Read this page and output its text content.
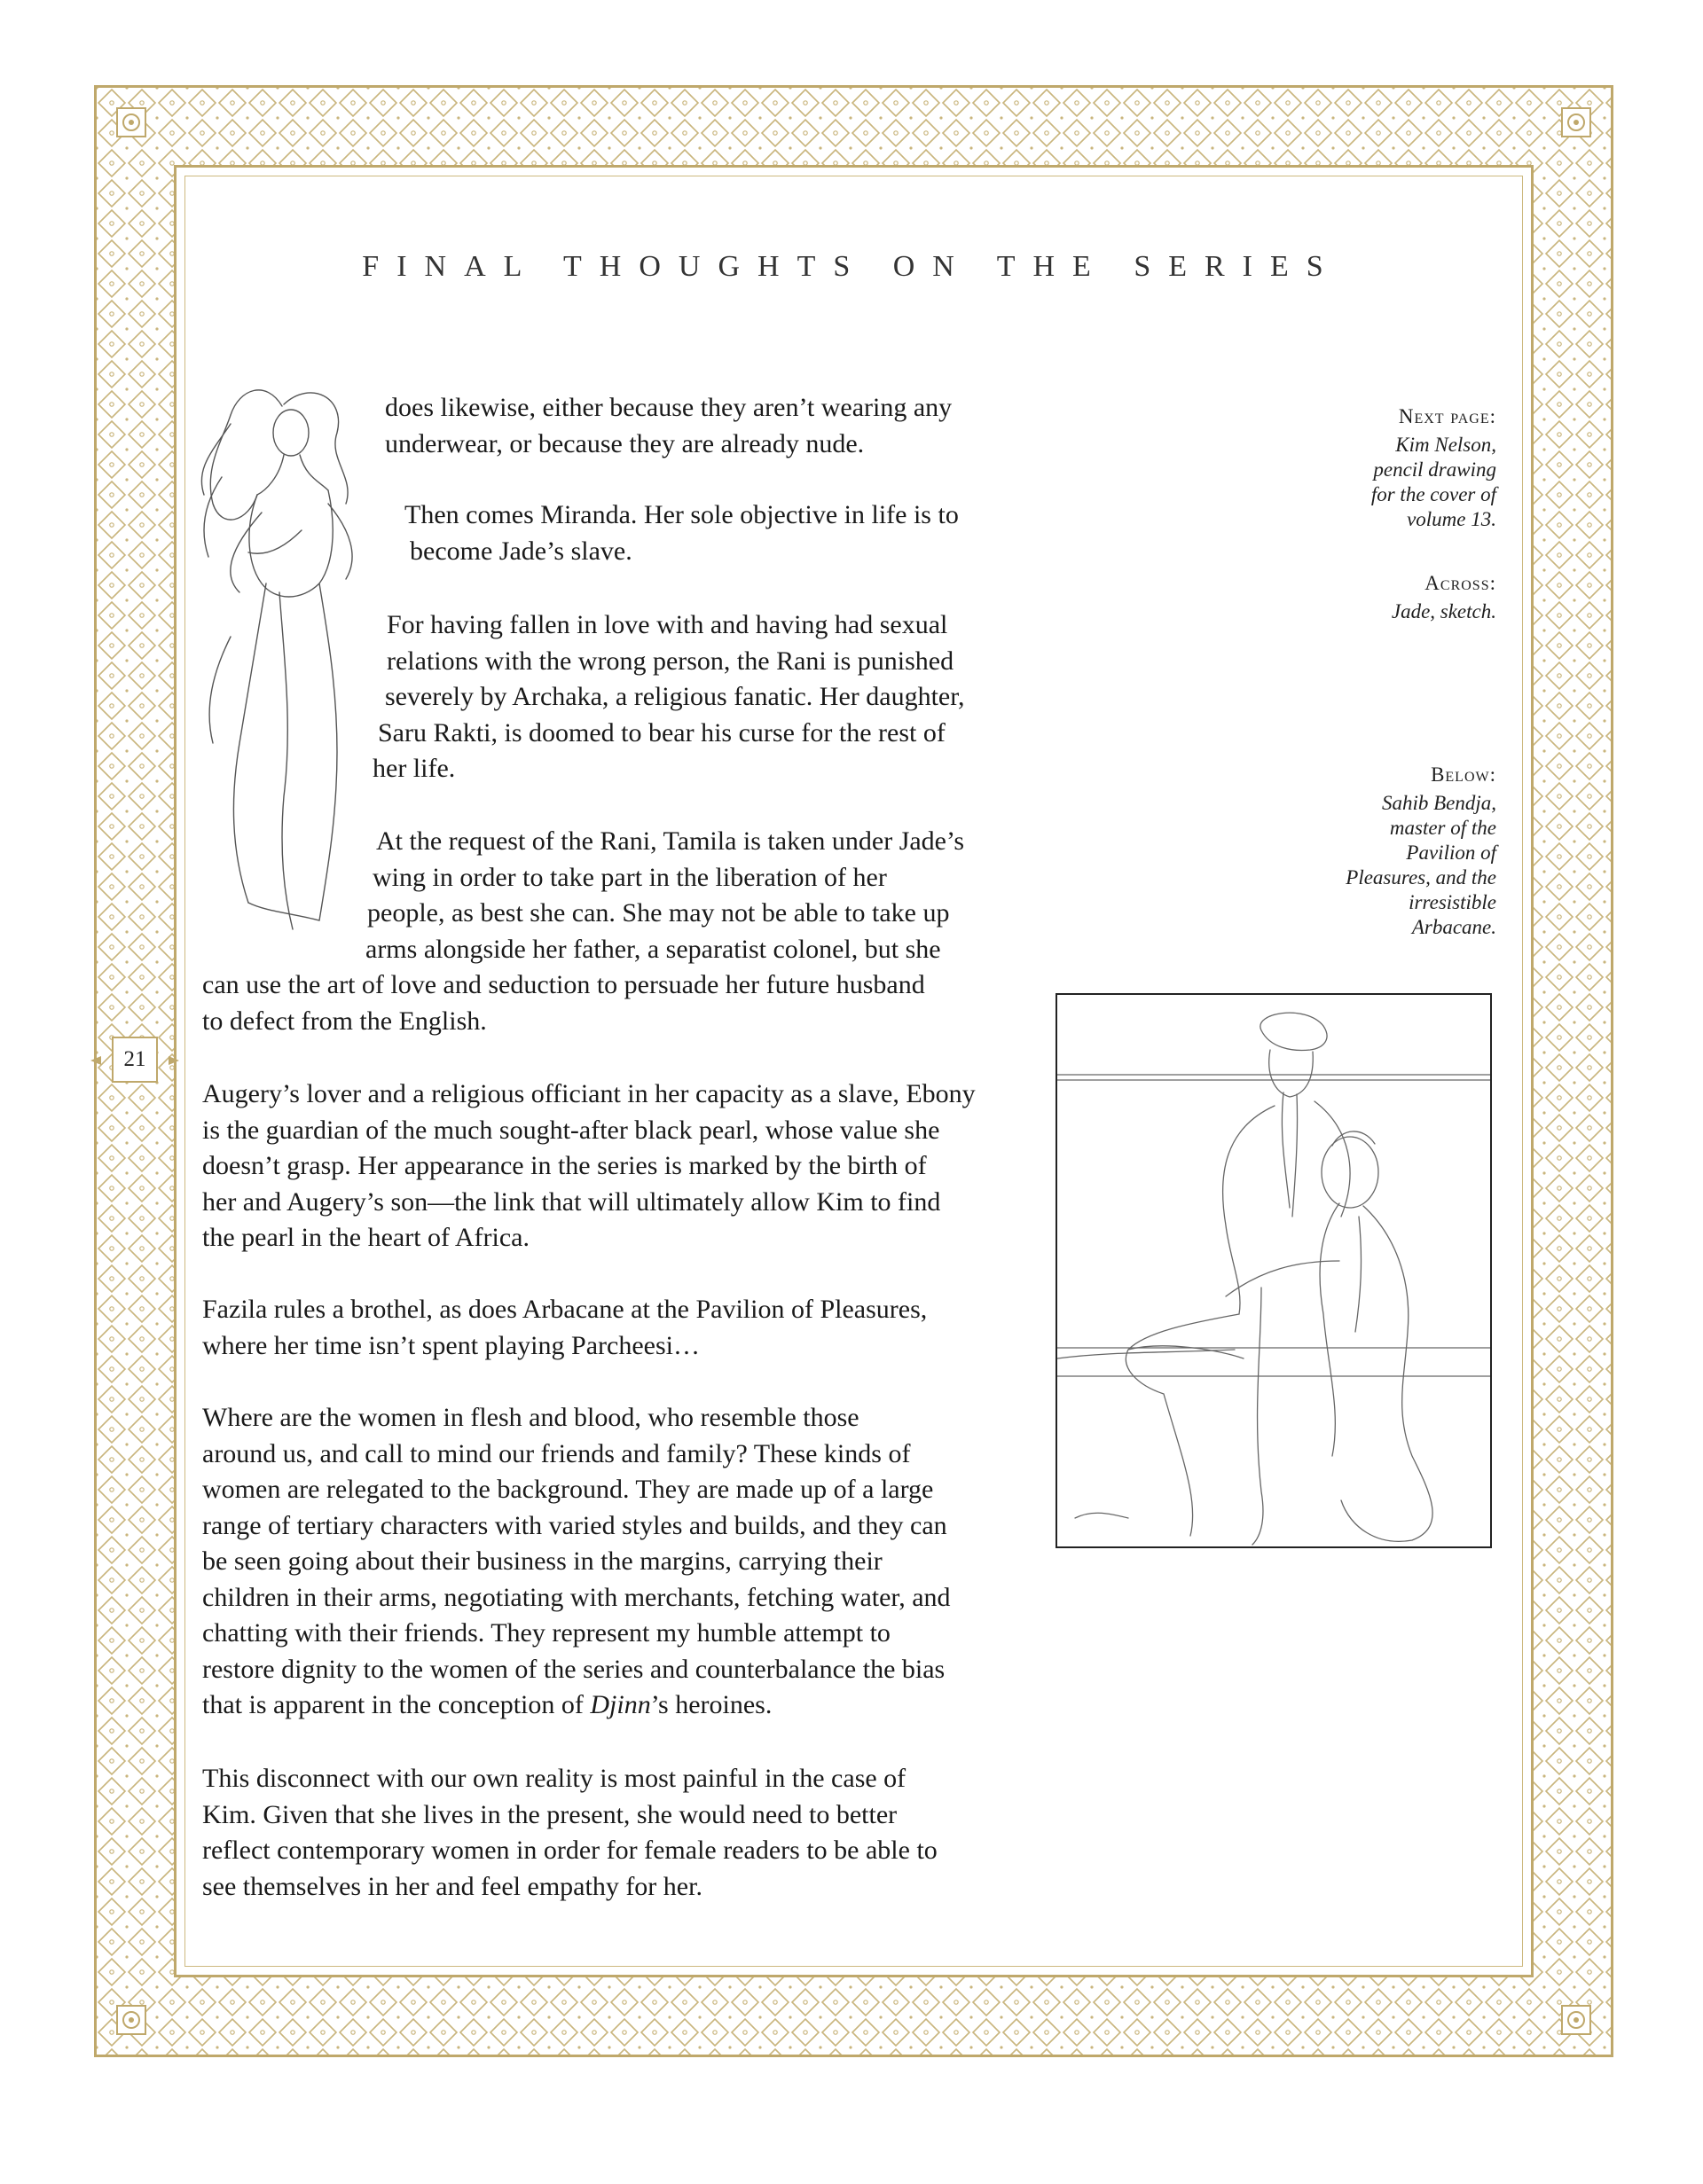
21
FINAL THOUGHTS ON THE SERIES
does likewise, either because they aren’t wearing any
underwear, or because they are already nude.
Then comes Miranda. Her sole objective in life is to
become Jade’s slave.
For having fallen in love with and having had sexual
relations with the wrong person, the Rani is punished
severely by Archaka, a religious fanatic. Her daughter,
Saru Rakti, is doomed to bear his curse for the rest of
her life.
At the request of the Rani, Tamila is taken under Jade’s
wing in order to take part in the liberation of her
people, as best she can. She may not be able to take up
arms alongside her father, a separatist colonel, but she
can use the art of love and seduction to persuade her future husband
to defect from the English.
Augery’s lover and a religious officiant in her capacity as a slave, Ebony
is the guardian of the much sought-after black pearl, whose value she
doesn’t grasp. Her appearance in the series is marked by the birth of
her and Augery’s son—the link that will ultimately allow Kim to find
the pearl in the heart of Africa.
Fazila rules a brothel, as does Arbacane at the Pavilion of Pleasures,
where her time isn’t spent playing Parcheesi…
Where are the women in flesh and blood, who resemble those
around us, and call to mind our friends and family? These kinds of
women are relegated to the background. They are made up of a large
range of tertiary characters with varied styles and builds, and they can
be seen going about their business in the margins, carrying their
children in their arms, negotiating with merchants, fetching water, and
chatting with their friends. They represent my humble attempt to
restore dignity to the women of the series and counterbalance the bias
that is apparent in the conception of Djinn’s heroines.
This disconnect with our own reality is most painful in the case of
Kim. Given that she lives in the present, she would need to better
reflect contemporary women in order for female readers to be able to
see themselves in her and feel empathy for her.
Next page:
Kim Nelson,
pencil drawing
for the cover of
volume 13.
Across:
Jade, sketch.
Below:
Sahib Bendja,
master of the
Pavilion of
Pleasures, and the
irresistible
Arbacane.
